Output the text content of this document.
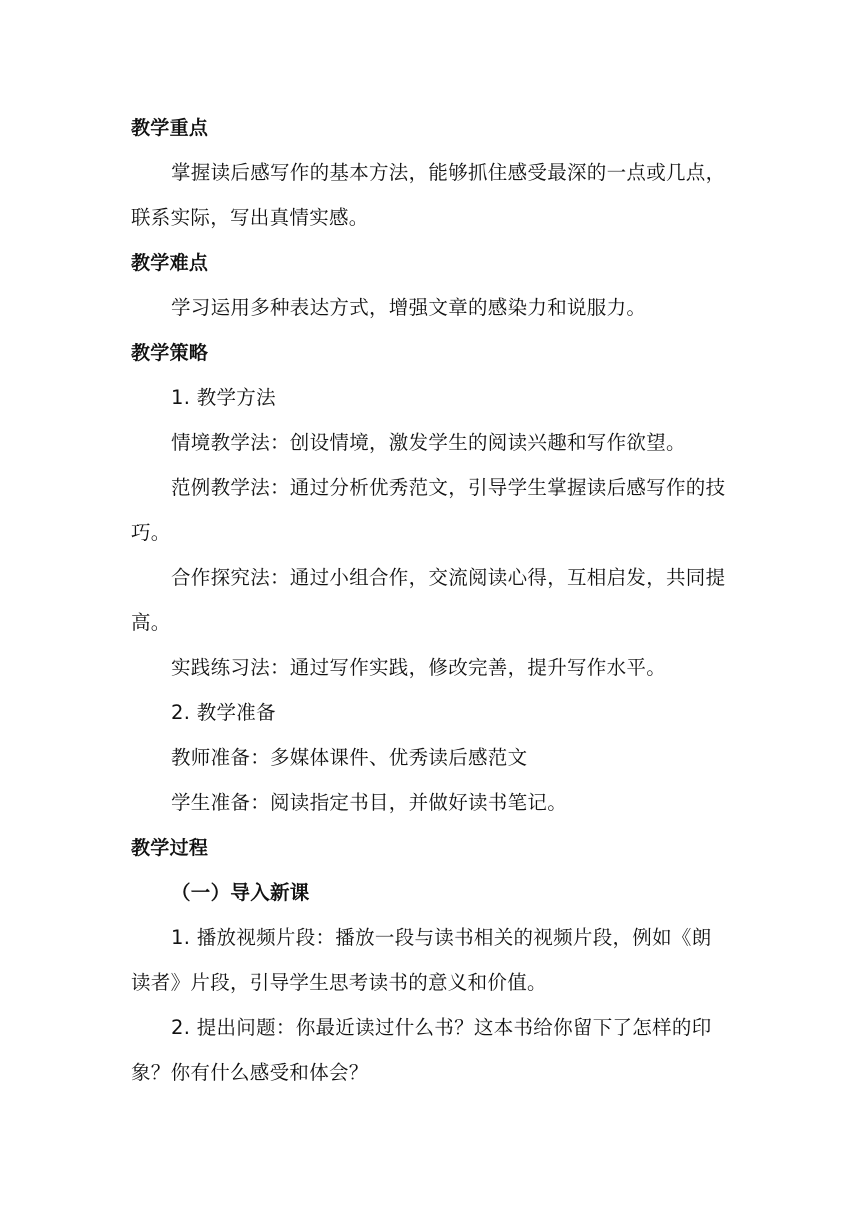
教学重点
掌握读后感写作的基本方法，能够抓住感受最深的一点或几点，
联系实际，写出真情实感。
教学难点
学习运用多种表达方式，增强文章的感染力和说服力。
教学策略
1. 教学方法
情境教学法：创设情境，激发学生的阅读兴趣和写作欲望。
范例教学法：通过分析优秀范文，引导学生掌握读后感写作的技
巧。
合作探究法：通过小组合作，交流阅读心得，互相启发，共同提
高。
实践练习法：通过写作实践，修改完善，提升写作水平。
2. 教学准备
教师准备：多媒体课件、优秀读后感范文
学生准备：阅读指定书目，并做好读书笔记。
教学过程
（一）导入新课
1. 播放视频片段：播放一段与读书相关的视频片段，例如《朗
读者》片段，引导学生思考读书的意义和价值。
2. 提出问题：你最近读过什么书？这本书给你留下了怎样的印
象？你有什么感受和体会？
